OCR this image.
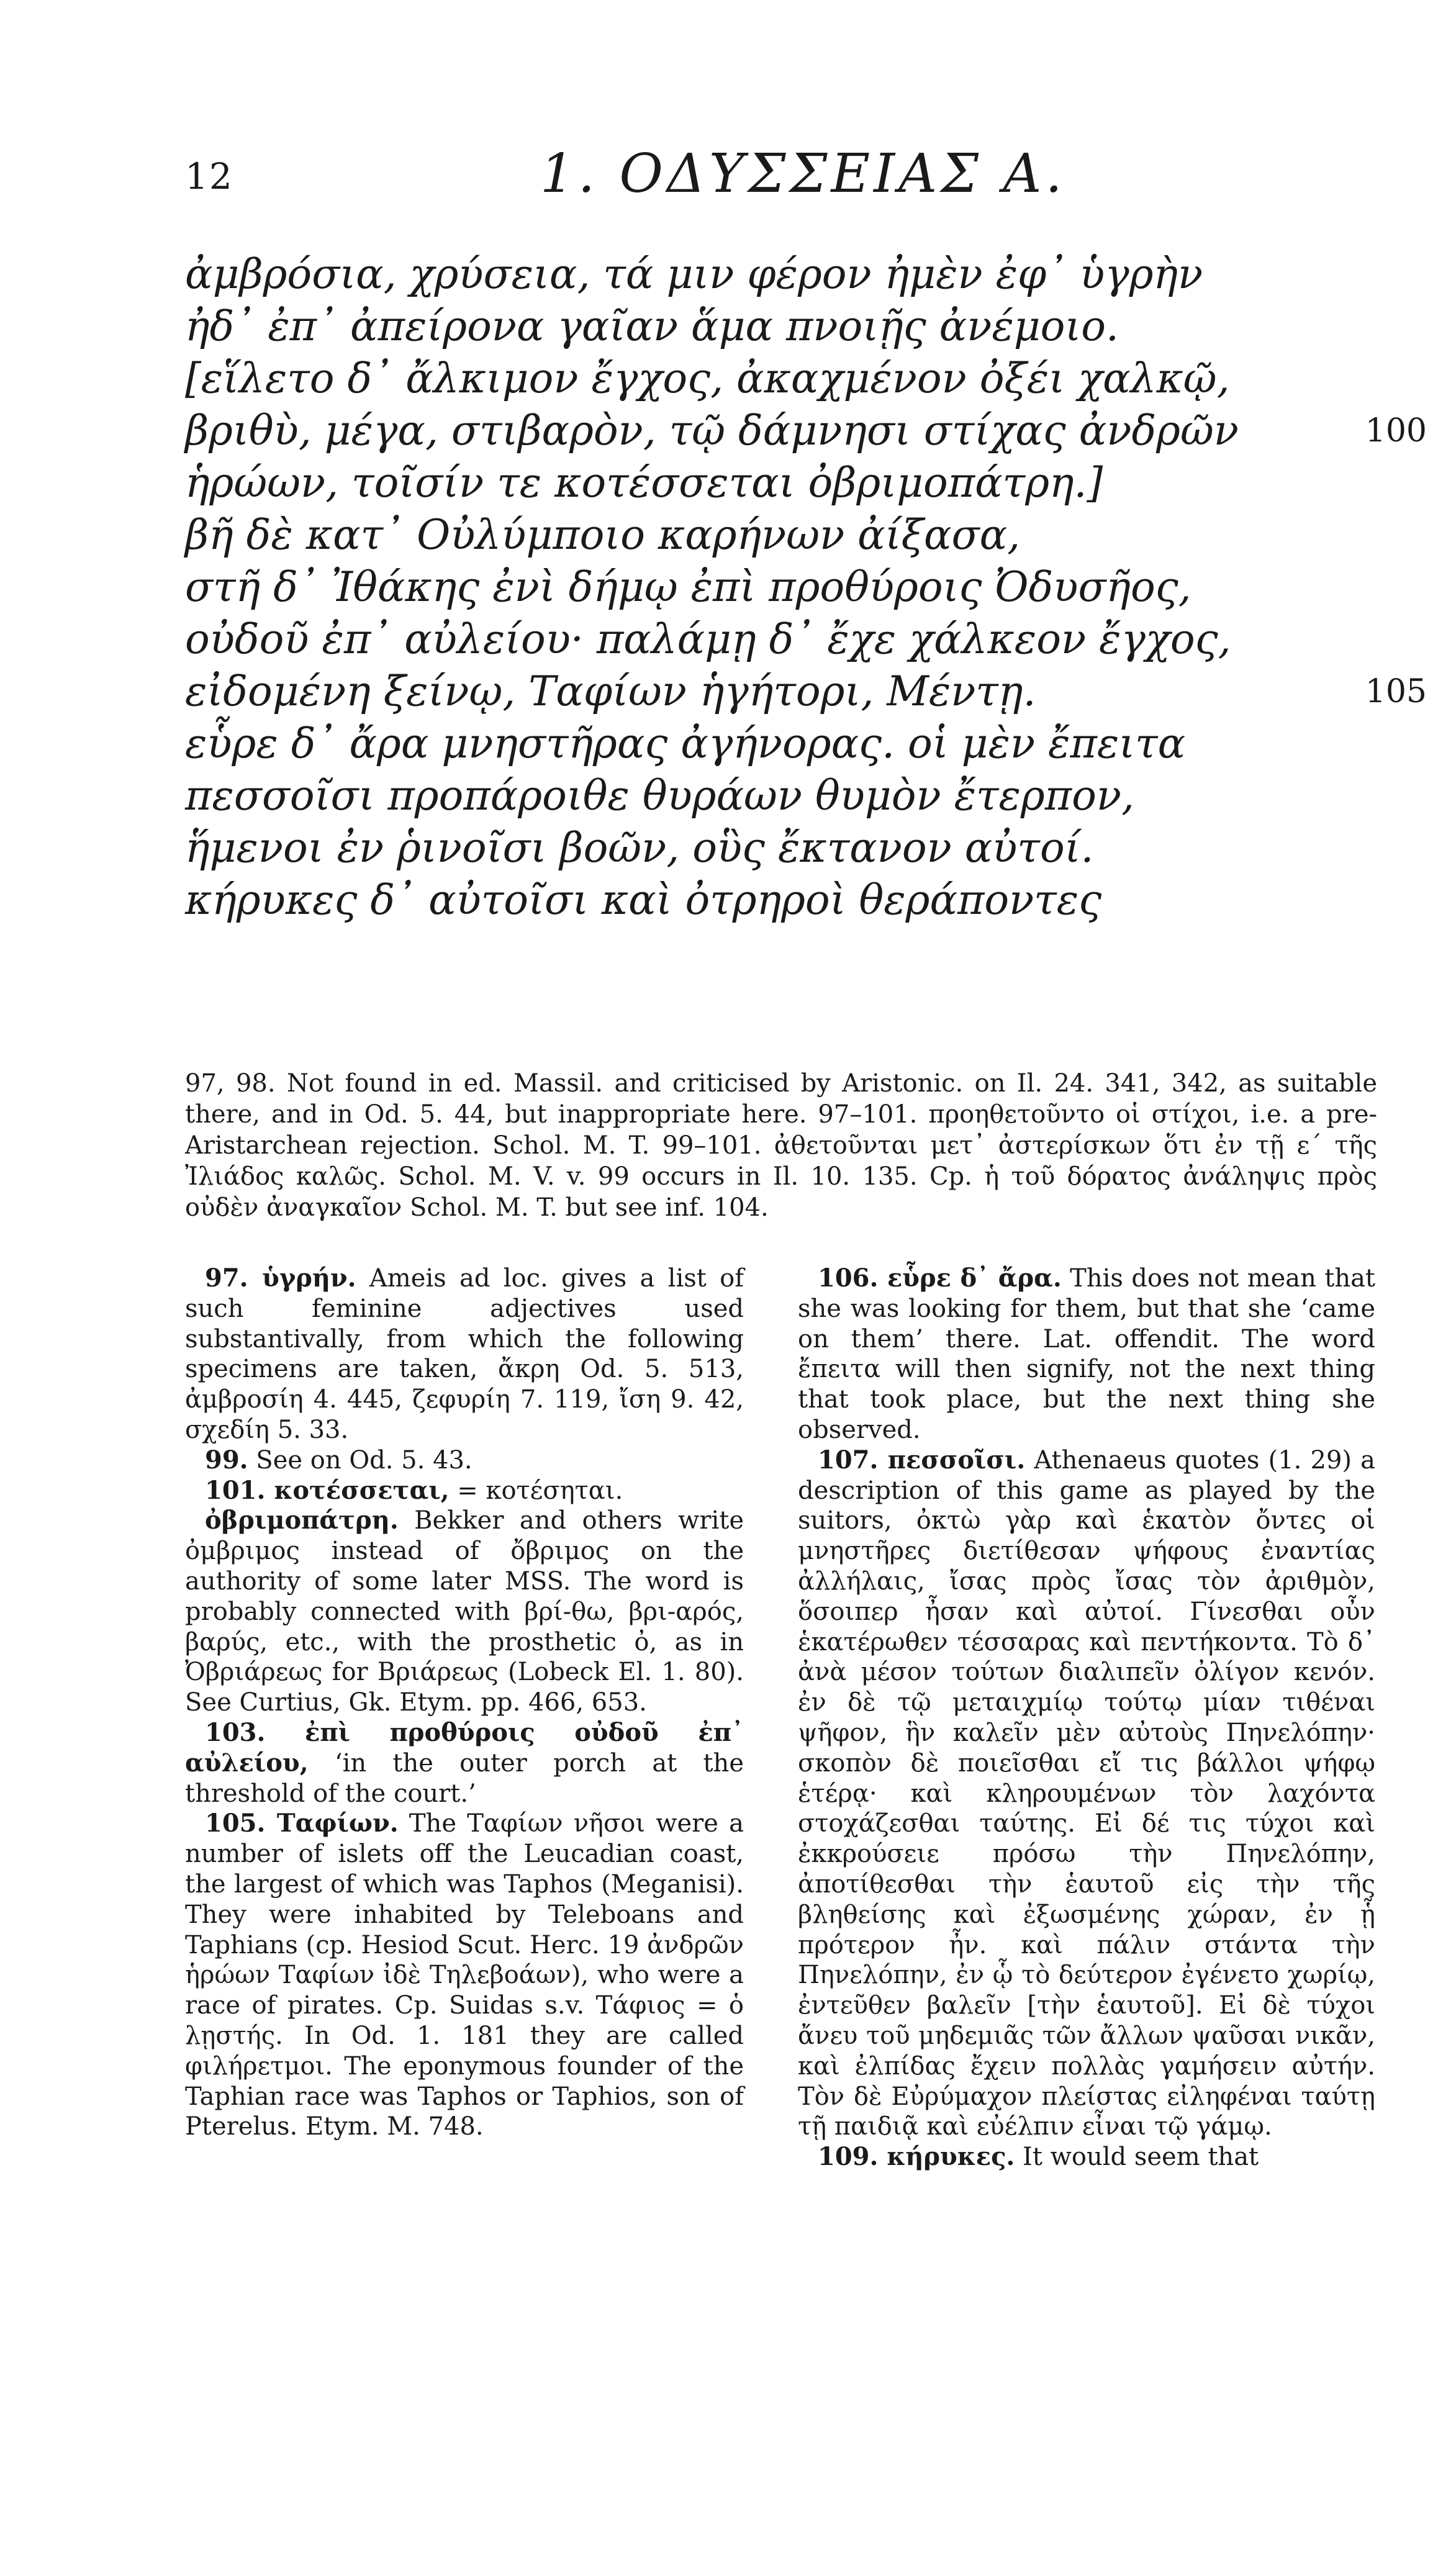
12	1. ΟΔΥΣΣΕΙΑΣ Α.
ἀμβρόσια, χρύσεια, τά μιν φέρον ἠμὲν ἐφ᾽ ὑγρὴν
ἠδ᾽ ἐπ᾽ ἀπείρονα γαῖαν ἅμα πνοιῇς ἀνέμοιο.
[εἵλετο δ᾽ ἄλκιμον ἔγχος, ἀκαχμένον ὀξέι χαλκῷ,
βριθὺ, μέγα, στιβαρὸν, τῷ δάμνησι στίχας ἀνδρῶν	100
ἡρώων, τοῖσίν τε κοτέσσεται ὀβριμοπάτρη.]
βῆ δὲ κατ᾽ Οὐλύμποιο καρήνων ἀίξασα,
στῆ δ᾽ Ἰθάκης ἐνὶ δήμῳ ἐπὶ προθύροις Ὀδυσῆος,
οὐδοῦ ἐπ᾽ αὐλείου· παλάμῃ δ᾽ ἔχε χάλκεον ἔγχος,
εἰδομένη ξείνῳ, Ταφίων ἡγήτορι, Μέντῃ.	105
εὗρε δ᾽ ἄρα μνηστῆρας ἀγήνορας. οἱ μὲν ἔπειτα
πεσσοῖσι προπάροιθε θυράων θυμὸν ἔτερπον,
ἥμενοι ἐν ῥινοῖσι βοῶν, οὓς ἔκτανον αὐτοί.
κήρυκες δ᾽ αὐτοῖσι καὶ ὀτρηροὶ θεράποντες

97, 98. Not found in ed. Massil. and criticised by Aristonic. on Il. 24. 341, 342, as suitable there, and in Od. 5. 44, but inappropriate here. 97–101. προηθετοῦντο οἱ στίχοι, i.e. a pre-Aristarchean rejection. Schol. M. T. 99–101. ἀθετοῦνται μετ᾽ ἀστερίσκων ὅτι ἐν τῇ ε΄ τῆς Ἰλιάδος καλῶς. Schol. M. V. v. 99 occurs in Il. 10. 135. Cp. ἡ τοῦ δόρατος ἀνάληψις πρὸς οὐδὲν ἀναγκαῖον Schol. M. T. but see inf. 104.

97. ὑγρήν. Ameis ad loc. gives a list of such feminine adjectives used substantivally, from which the following specimens are taken, ἄκρη Od. 5. 513, ἀμβροσίη 4. 445, ζεφυρίη 7. 119, ἴση 9. 42, σχεδίη 5. 33.

99. See on Od. 5. 43.

101. κοτέσσεται, = κοτέσηται.

ὀβριμοπάτρη. Bekker and others write ὀμβριμος instead of ὄβριμος on the authority of some later MSS. The word is probably connected with βρί-θω, βρι-αρός, βαρύς, etc., with the prosthetic ὀ, as in Ὀβριάρεως for Βριάρεως (Lobeck El. 1. 80). See Curtius, Gk. Etym. pp. 466, 653.

103. ἐπὶ προθύροις οὐδοῦ ἐπ᾽ αὐλείου, ‘in the outer porch at the threshold of the court.’

105. Ταφίων. The Ταφίων νῆσοι were a number of islets off the Leucadian coast, the largest of which was Taphos (Meganisi). They were inhabited by Teleboans and Taphians (cp. Hesiod Scut. Herc. 19 ἀνδρῶν ἡρώων Ταφίων ἰδὲ Τηλεβοάων), who were a race of pirates. Cp. Suidas s.v. Τάφιος = ὁ λῃστής. In Od. 1. 181 they are called φιλήρετμοι. The eponymous founder of the Taphian race was Taphos or Taphios, son of Pterelus. Etym. M. 748.

106. εὗρε δ᾽ ἄρα. This does not mean that she was looking for them, but that she ‘came on them’ there. Lat. offendit. The word ἔπειτα will then signify, not the next thing that took place, but the next thing she observed.

107. πεσσοῖσι. Athenaeus quotes (1. 29) a description of this game as played by the suitors, ὀκτὼ γὰρ καὶ ἑκατὸν ὄντες οἱ μνηστῆρες διετίθεσαν ψήφους ἐναντίας ἀλλήλαις, ἴσας πρὸς ἴσας τὸν ἀριθμὸν, ὅσοιπερ ἦσαν καὶ αὐτοί. Γίνεσθαι οὖν ἑκατέρωθεν τέσσαρας καὶ πεντήκοντα. Τὸ δ᾽ ἀνὰ μέσον τούτων διαλιπεῖν ὀλίγον κενόν. ἐν δὲ τῷ μεταιχμίῳ τούτῳ μίαν τιθέναι ψῆφον, ἣν καλεῖν μὲν αὐτοὺς Πηνελόπην· σκοπὸν δὲ ποιεῖσθαι εἴ τις βάλλοι ψήφῳ ἑτέρᾳ· καὶ κληρουμένων τὸν λαχόντα στοχάζεσθαι ταύτης. Εἰ δέ τις τύχοι καὶ ἐκκρούσειε πρόσω τὴν Πηνελόπην, ἀποτίθεσθαι τὴν ἑαυτοῦ εἰς τὴν τῆς βληθείσης καὶ ἐξωσμένης χώραν, ἐν ᾗ πρότερον ἦν. καὶ πάλιν στάντα τὴν Πηνελόπην, ἐν ᾧ τὸ δεύτερον ἐγένετο χωρίῳ, ἐντεῦθεν βαλεῖν [τὴν ἑαυτοῦ]. Εἰ δὲ τύχοι ἄνευ τοῦ μηδεμιᾶς τῶν ἄλλων ψαῦσαι νικᾶν, καὶ ἐλπίδας ἔχειν πολλὰς γαμήσειν αὐτήν. Τὸν δὲ Εὐρύμαχον πλείστας εἰληφέναι ταύτῃ τῇ παιδιᾷ καὶ εὐέλπιν εἶναι τῷ γάμῳ.

109. κήρυκες. It would seem that
